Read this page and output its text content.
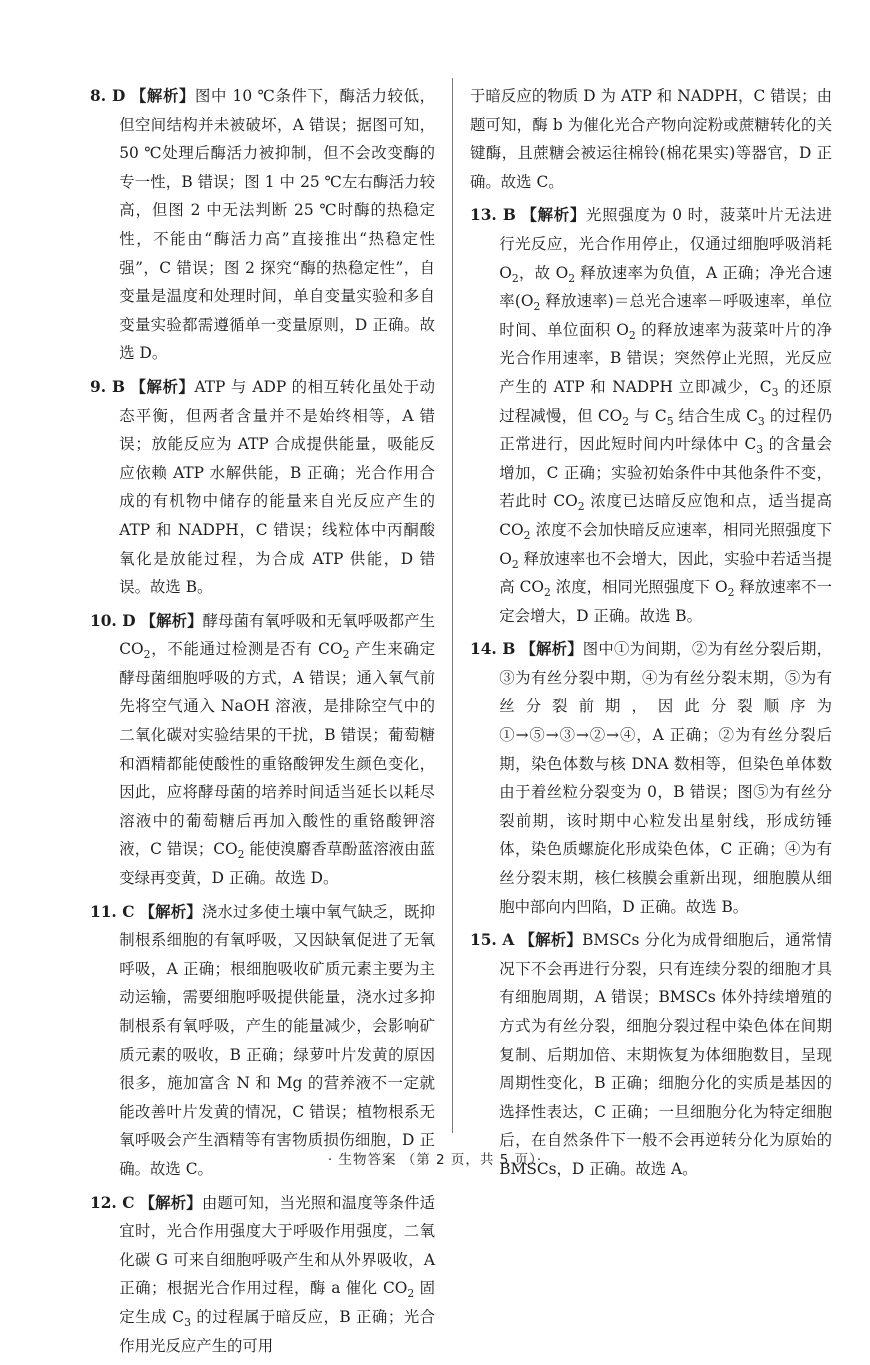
8. D 【解析】图中 10 ℃条件下，酶活力较低，但空间结构并未被破坏，A 错误；据图可知，50 ℃处理后酶活力被抑制，但不会改变酶的专一性，B 错误；图 1 中 25 ℃左右酶活力较高，但图 2 中无法判断 25 ℃时酶的热稳定性，不能由“酶活力高”直接推出“热稳定性强”，C 错误；图 2 探究“酶的热稳定性”，自变量是温度和处理时间，单自变量实验和多自变量实验都需遵循单一变量原则，D 正确。故选 D。

9. B 【解析】ATP 与 ADP 的相互转化虽处于动态平衡，但两者含量并不是始终相等，A 错误；放能反应为 ATP 合成提供能量，吸能反应依赖 ATP 水解供能，B 正确；光合作用合成的有机物中储存的能量来自光反应产生的 ATP 和 NADPH，C 错误；线粒体中丙酮酸氧化是放能过程，为合成 ATP 供能，D 错误。故选 B。

10. D 【解析】酵母菌有氧呼吸和无氧呼吸都产生 $CO_2$，不能通过检测是否有 $CO_2$ 产生来确定酵母菌细胞呼吸的方式，A 错误；通入氧气前先将空气通入 NaOH 溶液，是排除空气中的二氧化碳对实验结果的干扰，B 错误；葡萄糖和酒精都能使酸性的重铬酸钾发生颜色变化，因此，应将酵母菌的培养时间适当延长以耗尽溶液中的葡萄糖后再加入酸性的重铬酸钾溶液，C 错误；$CO_2$ 能使溴麝香草酚蓝溶液由蓝变绿再变黄，D 正确。故选 D。

11. C 【解析】浇水过多使土壤中氧气缺乏，既抑制根系细胞的有氧呼吸，又因缺氧促进了无氧呼吸，A 正确；根细胞吸收矿质元素主要为主动运输，需要细胞呼吸提供能量，浇水过多抑制根系有氧呼吸，产生的能量减少，会影响矿质元素的吸收，B 正确；绿萝叶片发黄的原因很多，施加富含 N 和 Mg 的营养液不一定就能改善叶片发黄的情况，C 错误；植物根系无氧呼吸会产生酒精等有害物质损伤细胞，D 正确。故选 C。

12. C 【解析】由题可知，当光照和温度等条件适宜时，光合作用强度大于呼吸作用强度，二氧化碳 G 可来自细胞呼吸产生和从外界吸收，A 正确；根据光合作用过程，酶 a 催化 $CO_2$ 固定生成 $C_3$ 的过程属于暗反应，B 正确；光合作用光反应产生的可用

于暗反应的物质 D 为 ATP 和 NADPH，C 错误；由题可知，酶 b 为催化光合产物向淀粉或蔗糖转化的关键酶，且蔗糖会被运往棉铃(棉花果实)等器官，D 正确。故选 C。

13. B 【解析】光照强度为 0 时，菠菜叶片无法进行光反应，光合作用停止，仅通过细胞呼吸消耗 $O_2$，故 $O_2$ 释放速率为负值，A 正确；净光合速率($O_2$ 释放速率)＝总光合速率－呼吸速率，单位时间、单位面积 $O_2$ 的释放速率为菠菜叶片的净光合作用速率，B 错误；突然停止光照，光反应产生的 ATP 和 NADPH 立即减少，$C_3$ 的还原过程减慢，但 $CO_2$ 与 $C_5$ 结合生成 $C_3$ 的过程仍正常进行，因此短时间内叶绿体中 $C_3$ 的含量会增加，C 正确；实验初始条件中其他条件不变，若此时 $CO_2$ 浓度已达暗反应饱和点，适当提高 $CO_2$ 浓度不会加快暗反应速率，相同光照强度下 $O_2$ 释放速率也不会增大，因此，实验中若适当提高 $CO_2$ 浓度，相同光照强度下 $O_2$ 释放速率不一定会增大，D 正确。故选 B。

14. B 【解析】图中①为间期，②为有丝分裂后期，③为有丝分裂中期，④为有丝分裂末期，⑤为有丝分裂前期，因此分裂顺序为①→⑤→③→②→④，A 正确；②为有丝分裂后期，染色体数与核 DNA 数相等，但染色单体数由于着丝粒分裂变为 0，B 错误；图⑤为有丝分裂前期，该时期中心粒发出星射线，形成纺锤体，染色质螺旋化形成染色体，C 正确；④为有丝分裂末期，核仁核膜会重新出现，细胞膜从细胞中部向内凹陷，D 正确。故选 B。

15. A 【解析】BMSCs 分化为成骨细胞后，通常情况下不会再进行分裂，只有连续分裂的细胞才具有细胞周期，A 错误；BMSCs 体外持续增殖的方式为有丝分裂，细胞分裂过程中染色体在间期复制、后期加倍、末期恢复为体细胞数目，呈现周期性变化，B 正确；细胞分化的实质是基因的选择性表达，C 正确；一旦细胞分化为特定细胞后，在自然条件下一般不会再逆转分化为原始的 BMSCs，D 正确。故选 A。

· 生物答案 （第 2 页，共 5 页）·
